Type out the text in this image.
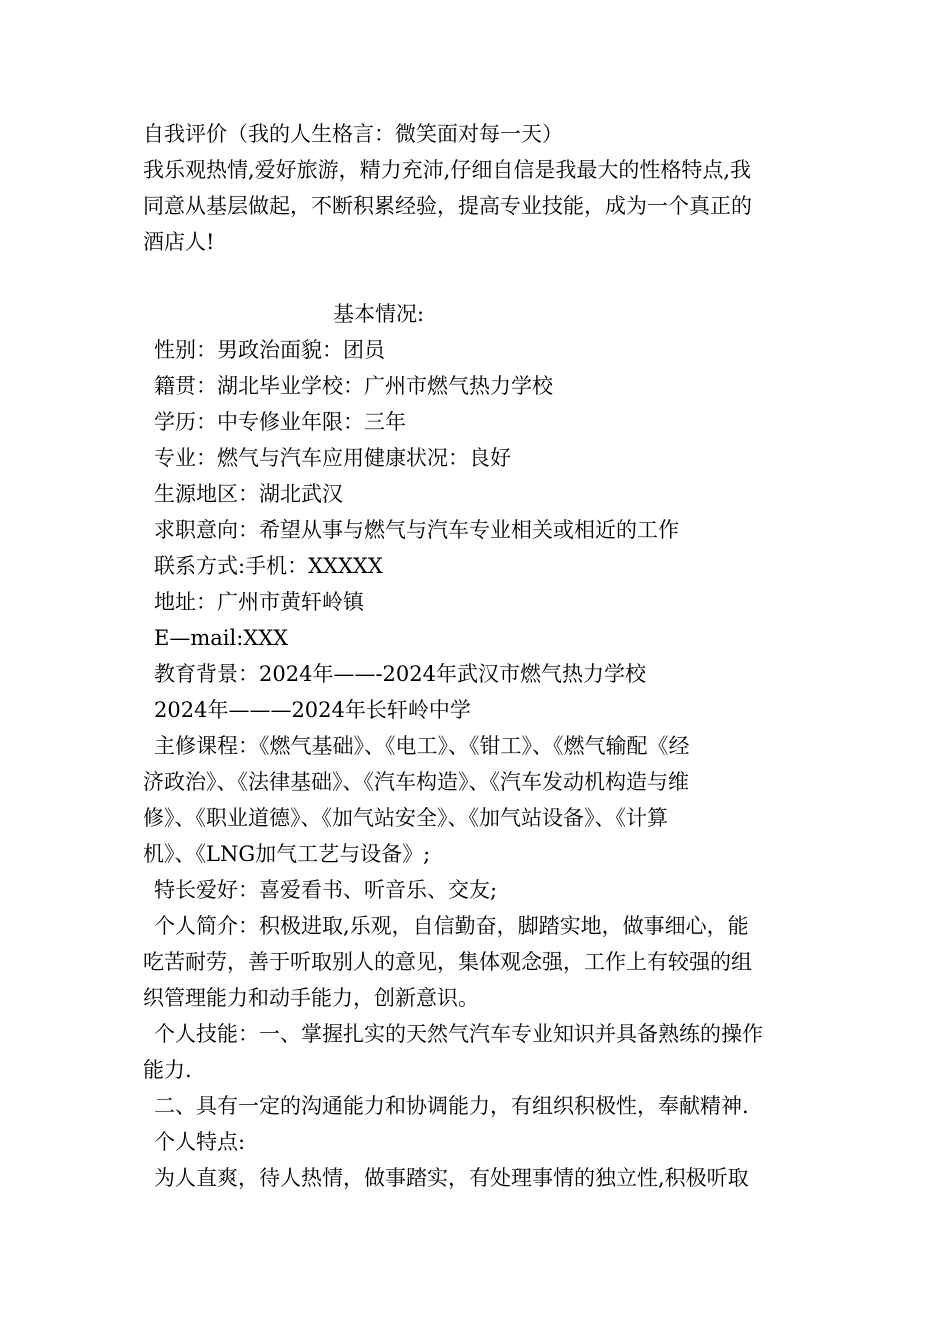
自我评价（我的人生格言：微笑面对每一天）
我乐观热情,爱好旅游，精力充沛,仔细自信是我最大的性格特点,我
同意从基层做起，不断积累经验，提高专业技能，成为一个真正的
酒店人!
基本情况:
性别：男政治面貌：团员
籍贯：湖北毕业学校：广州市燃气热力学校
学历：中专修业年限：三年
专业：燃气与汽车应用健康状况：良好
生源地区：湖北武汉
求职意向：希望从事与燃气与汽车专业相关或相近的工作
联系方式:手机：XXXXX
地址：广州市黄轩岭镇
E—mail:XXX
教育背景：2024年——-2024年武汉市燃气热力学校
2024年———2024年长轩岭中学
主修课程：《燃气基础》、《电工》、《钳工》、《燃气输配《经
济政治》、《法律基础》、《汽车构造》、《汽车发动机构造与维
修》、《职业道德》、《加气站安全》、《加气站设备》、《计算
机》、《LNG加气工艺与设备》;
特长爱好：喜爱看书、听音乐、交友;
个人简介：积极进取,乐观，自信勤奋，脚踏实地，做事细心，能
吃苦耐劳，善于听取别人的意见，集体观念强，工作上有较强的组
织管理能力和动手能力，创新意识。
个人技能：一、掌握扎实的天然气汽车专业知识并具备熟练的操作
能力.
二、具有一定的沟通能力和协调能力，有组织积极性，奉献精神.
个人特点:
为人直爽，待人热情，做事踏实，有处理事情的独立性,积极听取
